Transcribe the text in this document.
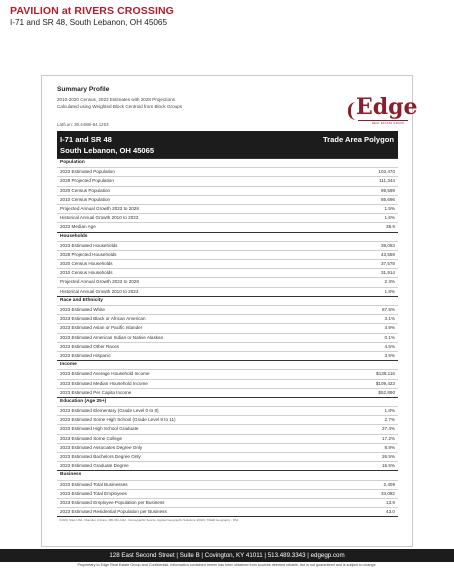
PAVILION at RIVERS CROSSING
I-71 and SR 48, South Lebanon, OH 45065
Edge
REAL ESTATE GROUP
Summary Profile
2010-2020 Census, 2023 Estimates with 2028 Projections
Calculated using Weighted Block Centroid from Block Groups
Lat/Lon: 39.4488/-84.1253
I-71 and SR 48
South Lebanon, OH 45065
Trade Area Polygon
Population
2023 Estimated Population	103,470
2028 Projected Population	111,344
2020 Census Population	99,599
2010 Census Population	85,696
Projected Annual Growth 2023 to 2028	1.5%
Historical Annual Growth 2010 to 2023	1.6%
2023 Median Age	38.9
Households
2023 Estimated Households	39,063
2028 Projected Households	43,559
2020 Census Households	37,578
2010 Census Households	31,914
Projected Annual Growth 2023 to 2028	2.3%
Historical Annual Growth 2010 to 2023	1.8%
Race and Ethnicity
2023 Estimated White	87.5%
2023 Estimated Black or African American	3.1%
2023 Estimated Asian or Pacific Islander	4.9%
2023 Estimated American Indian or Native Alaskan	0.1%
2023 Estimated Other Races	4.5%
2023 Estimated Hispanic	3.5%
Income
2023 Estimated Average Household Income	$138,116
2023 Estimated Median Household Income	$109,423
2023 Estimated Per Capita Income	$52,890
Education (Age 25+)
2023 Estimated Elementary (Grade Level 0 to 8)	1.8%
2023 Estimated Some High School (Grade Level 9 to 11)	2.7%
2023 Estimated High School Graduate	27.4%
2023 Estimated Some College	17.2%
2023 Estimated Associates Degree Only	8.9%
2023 Estimated Bachelors Degree Only	26.5%
2023 Estimated Graduate Degree	15.5%
Business
2023 Estimated Total Businesses	2,409
2023 Estimated Total Employees	33,082
2023 Estimated Employee Population per Business	13.9
2023 Estimated Residential Population per Business	43.0
©2023, Sites USA, Chandler, Arizona, 480-491-1112 · Demographic Source: Applied Geographic Solutions 4/2023, TIGER Geography - RS1
128 East Second Street | Suite B | Covington, KY 41011 | 513.489.3343 | edgegp.com
Proprietary to Edge Real Estate Group and Confidential. Information contained herein has been obtained from sources deemed reliable, but is not guaranteed and is subject to change.
